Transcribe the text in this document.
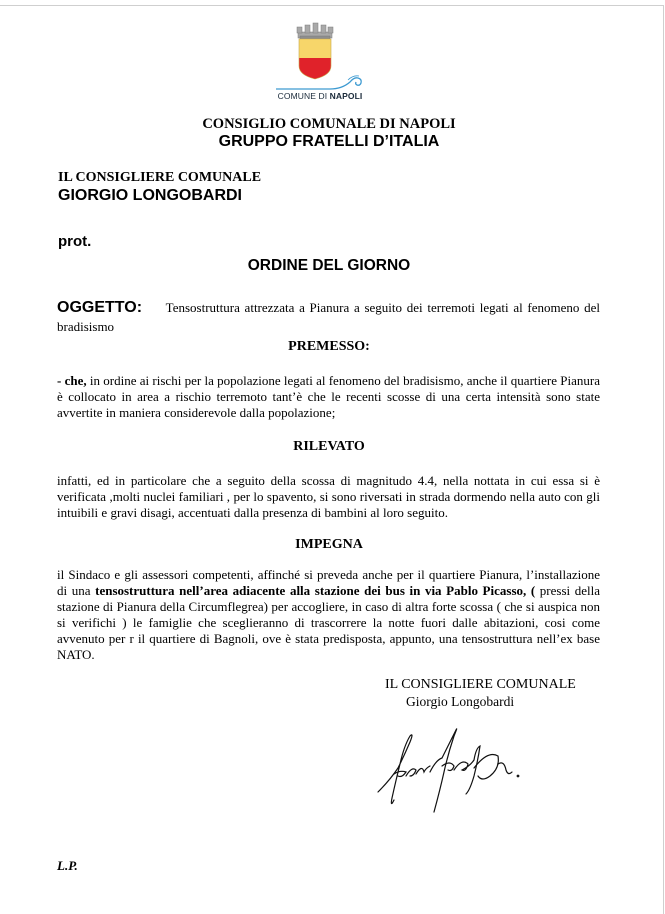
COMUNE DI NAPOLI
CONSIGLIO COMUNALE DI NAPOLI
GRUPPO FRATELLI D’ITALIA
IL CONSIGLIERE COMUNALE
GIORGIO LONGOBARDI
prot.
ORDINE DEL GIORNO
OGGETTO: Tensostruttura attrezzata a Pianura a seguito dei terremoti legati al fenomeno del bradisismo
PREMESSO:
- che, in ordine ai rischi per la popolazione legati al fenomeno del bradisismo, anche il quartiere Pianura è collocato in area a rischio terremoto tant’è che le recenti scosse di una certa intensità sono state avvertite in maniera considerevole dalla popolazione;
RILEVATO
infatti, ed in particolare che a seguito della scossa di magnitudo 4.4, nella nottata in cui essa si è verificata ,molti nuclei familiari , per lo spavento, si sono riversati in strada dormendo nella auto con gli intuibili e gravi disagi, accentuati dalla presenza di bambini al loro seguito.
IMPEGNA
il Sindaco e gli assessori competenti, affinché si preveda anche per il quartiere Pianura, l’installazione di una tensostruttura nell’area adiacente alla stazione dei bus in via Pablo Picasso, ( pressi della stazione di Pianura della Circumflegrea) per accogliere, in caso di altra forte scossa ( che si auspica non si verifichi ) le famiglie che sceglieranno di trascorrere la notte fuori dalle abitazioni, cosi come avvenuto per r il quartiere di Bagnoli, ove è stata predisposta, appunto, una tensostruttura nell’ex base NATO.
IL CONSIGLIERE COMUNALE
Giorgio Longobardi
L.P.
